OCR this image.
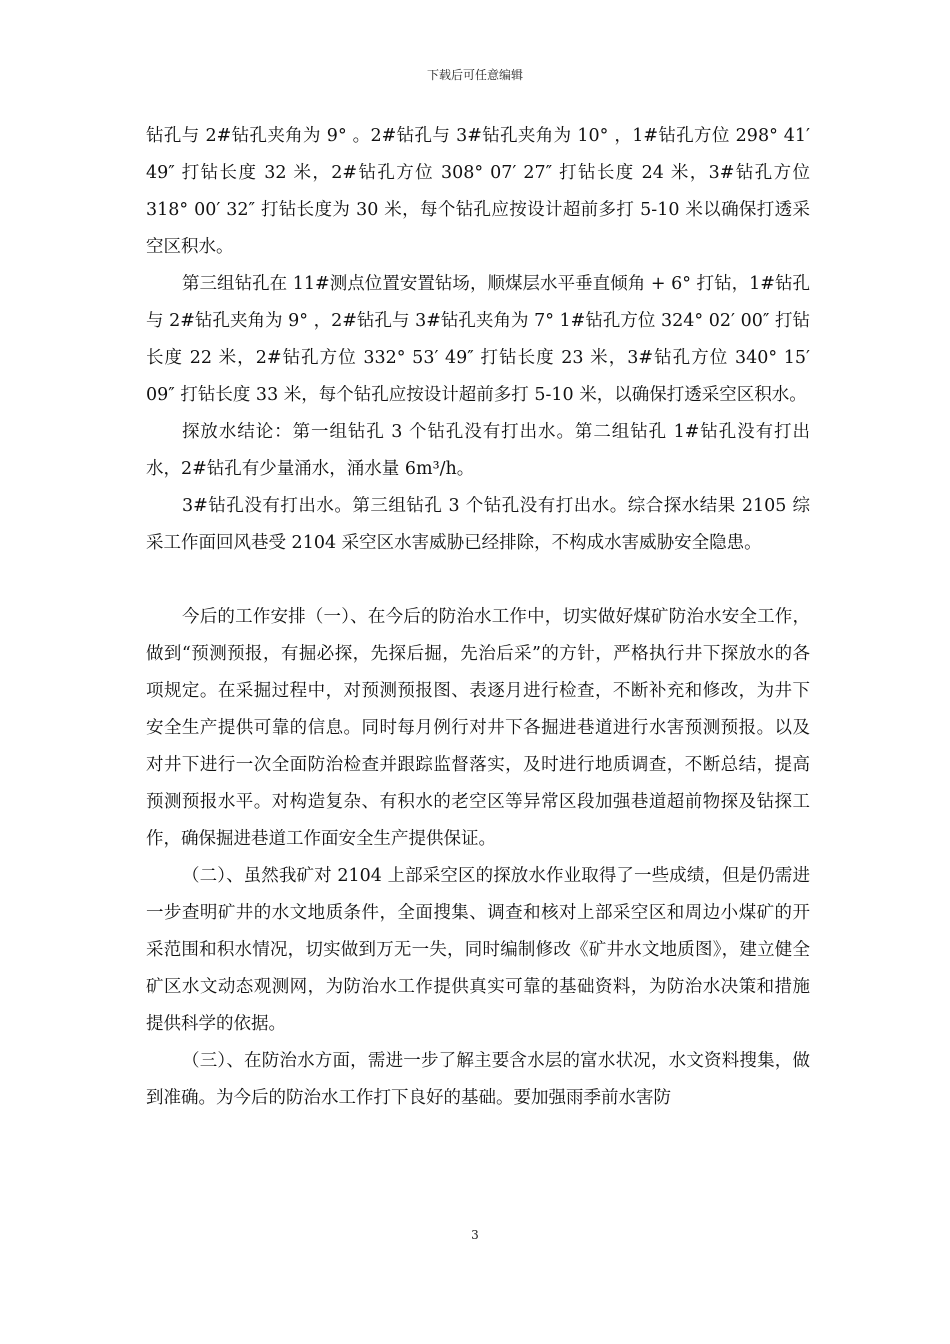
下载后可任意编辑

钻孔与 2#钻孔夹角为 9° 。2#钻孔与 3#钻孔夹角为 10° ，1#钻孔方位 298° 41′ 49″ 打钻长度 32 米，2#钻孔方位 308° 07′ 27″ 打钻长度 24 米，3#钻孔方位 318° 00′ 32″ 打钻长度为 30 米，每个钻孔应按设计超前多打 5-10 米以确保打透采空区积水。

第三组钻孔在 11#测点位置安置钻场，顺煤层水平垂直倾角 + 6° 打钻，1#钻孔与 2#钻孔夹角为 9° ，2#钻孔与 3#钻孔夹角为 7° 1#钻孔方位 324° 02′ 00″ 打钻长度 22 米，2#钻孔方位 332° 53′ 49″ 打钻长度 23 米，3#钻孔方位 340° 15′ 09″ 打钻长度 33 米，每个钻孔应按设计超前多打 5-10 米，以确保打透采空区积水。

探放水结论：第一组钻孔 3 个钻孔没有打出水。第二组钻孔 1#钻孔没有打出水，2#钻孔有少量涌水，涌水量 6m³/h。

3#钻孔没有打出水。第三组钻孔 3 个钻孔没有打出水。综合探水结果 2105 综采工作面回风巷受 2104 采空区水害威胁已经排除，不构成水害威胁安全隐患。

今后的工作安排（一）、在今后的防治水工作中，切实做好煤矿防治水安全工作，做到“预测预报，有掘必探，先探后掘，先治后采”的方针，严格执行井下探放水的各项规定。在采掘过程中，对预测预报图、表逐月进行检查，不断补充和修改，为井下安全生产提供可靠的信息。同时每月例行对井下各掘进巷道进行水害预测预报。以及对井下进行一次全面防治检查并跟踪监督落实，及时进行地质调查，不断总结，提高预测预报水平。对构造复杂、有积水的老空区等异常区段加强巷道超前物探及钻探工作，确保掘进巷道工作面安全生产提供保证。

（二）、虽然我矿对 2104 上部采空区的探放水作业取得了一些成绩，但是仍需进一步查明矿井的水文地质条件，全面搜集、调查和核对上部采空区和周边小煤矿的开采范围和积水情况，切实做到万无一失，同时编制修改《矿井水文地质图》，建立健全矿区水文动态观测网，为防治水工作提供真实可靠的基础资料，为防治水决策和措施提供科学的依据。

（三）、在防治水方面，需进一步了解主要含水层的富水状况，水文资料搜集，做到准确。为今后的防治水工作打下良好的基础。要加强雨季前水害防

3
